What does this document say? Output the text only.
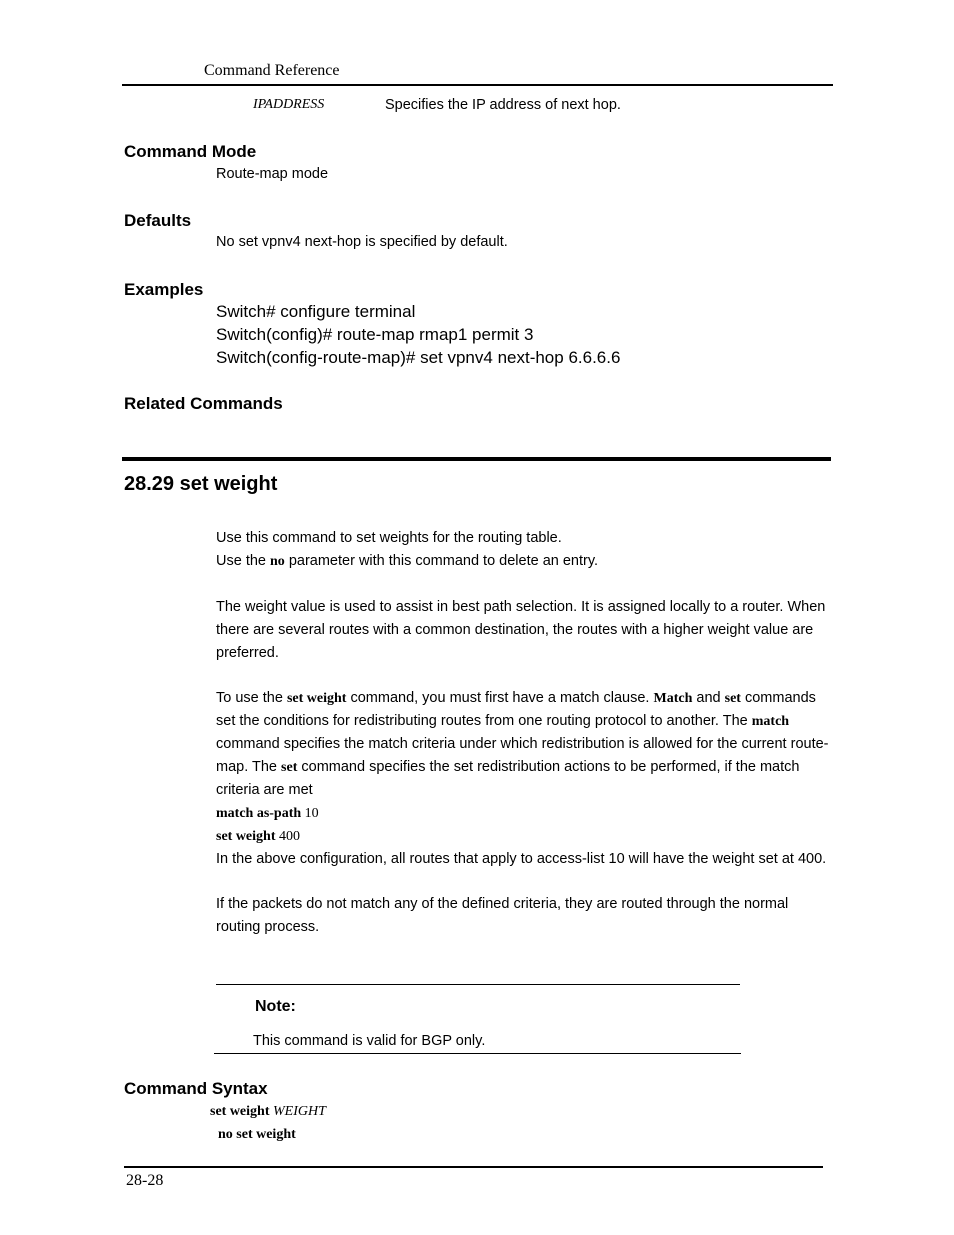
Command Reference
IPADDRESS	Specifies the IP address of next hop.
Command Mode
Route-map mode
Defaults
No set vpnv4 next-hop is specified by default.
Examples
Switch# configure terminal
Switch(config)# route-map rmap1 permit 3
Switch(config-route-map)# set vpnv4 next-hop 6.6.6.6
Related Commands
28.29 set weight

Use this command to set weights for the routing table.

Use the no parameter with this command to delete an entry.

The weight value is used to assist in best path selection. It is assigned locally to a router. When there are several routes with a common destination, the routes with a higher weight value are preferred.

To use the set weight command, you must first have a match clause. Match and set commands set the conditions for redistributing routes from one routing protocol to another. The match command specifies the match criteria under which redistribution is allowed for the current route-map. The set command specifies the set redistribution actions to be performed, if the match criteria are met

match as-path 10

set weight 400

In the above configuration, all routes that apply to access-list 10 will have the weight set at 400.

If the packets do not match any of the defined criteria, they are routed through the normal routing process.

Note:
This command is valid for BGP only.
Command Syntax
set weight WEIGHT
no set weight
28-28
